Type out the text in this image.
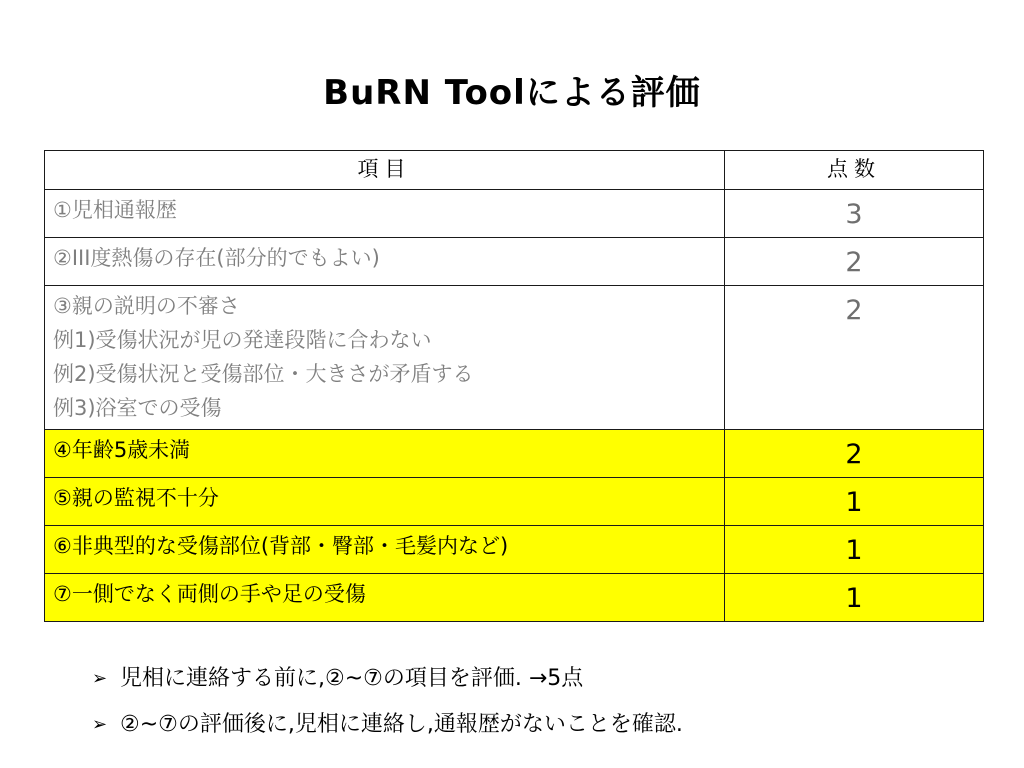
BuRN Toolによる評価
項目	点数

①児相通報歴	3

②III度熱傷の存在(部分的でもよい)	2

③親の説明の不審さ
例1)受傷状況が児の発達段階に合わない
例2)受傷状況と受傷部位・大きさが矛盾する
例3)浴室での受傷	2

④年齢5歳未満	2

⑤親の監視不十分	1

⑥非典型的な受傷部位(背部・臀部・毛髪内など)	1

⑦一側でなく両側の手や足の受傷	1
➢ 児相に連絡する前に,②~⑦の項目を評価. →5点
➢ ②~⑦の評価後に,児相に連絡し,通報歴がないことを確認.
